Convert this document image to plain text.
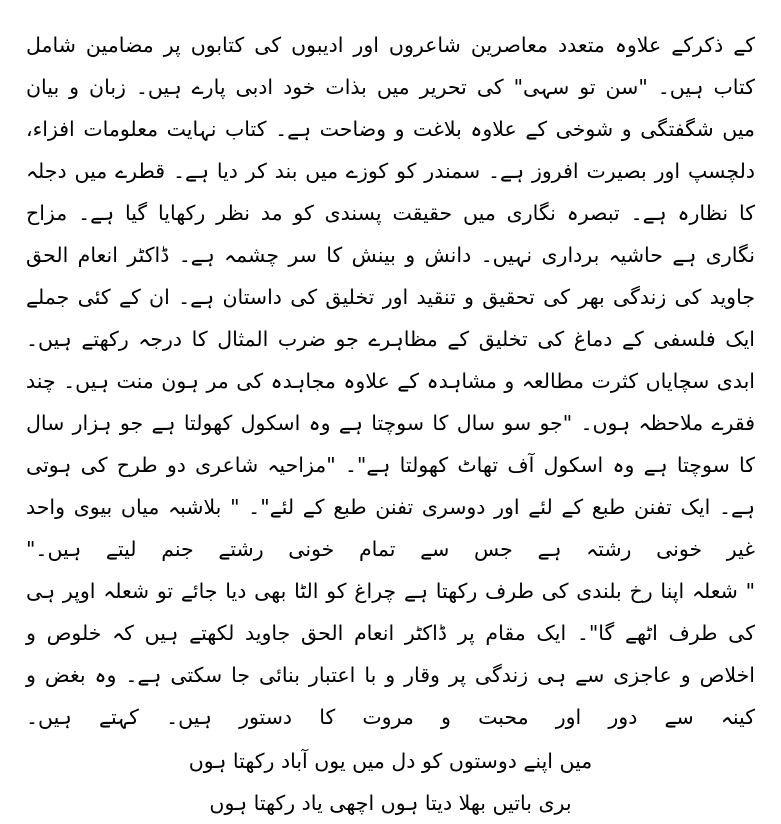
کے ذکرکے علاوہ متعدد معاصرین شاعروں اور ادیبوں کی کتابوں پر مضامین شامل کتاب ہیں۔ "سن تو سہی" کی تحریر میں بذات خود ادبی پارے ہیں۔ زبان و بیان میں شگفتگی و شوخی کے علاوہ بلاغت و وضاحت ہے۔ کتاب نہایت معلومات افزاء، دلچسپ اور بصیرت افروز ہے۔ سمندر کو کوزے میں بند کر دیا ہے۔ قطرے میں دجلہ کا نظارہ ہے۔ تبصرہ نگاری میں حقیقت پسندی کو مد نظر رکھایا گیا ہے۔ مزاح نگاری ہے حاشیہ برداری نہیں۔ دانش و بینش کا سر چشمہ ہے۔ ڈاکٹر انعام الحق جاوید کی زندگی بھر کی تحقیق و تنقید اور تخلیق کی داستان ہے۔ ان کے کئی جملے ایک فلسفی کے دماغ کی تخلیق کے مظاہرے جو ضرب المثال کا درجہ رکھتے ہیں۔ ابدی سچایاں کثرت مطالعہ و مشاہدہ کے علاوہ مجاہدہ کی مر ہون منت ہیں۔ چند فقرے ملاحظہ ہوں۔ "جو سو سال کا سوچتا ہے وہ اسکول کھولتا ہے جو ہزار سال کا سوچتا ہے وہ اسکول آف تھاٹ کھولتا ہے"۔ "مزاحیہ شاعری دو طرح کی ہوتی ہے۔ ایک تفنن طبع کے لئے اور دوسری تفنن طبع کے لئے"۔ " بلاشبہ میاں بیوی واحد غیر خونی رشتہ ہے جس سے تمام خونی رشتے جنم لیتے ہیں۔"

" شعلہ اپنا رخ بلندی کی طرف رکھتا ہے چراغ کو الٹا بھی دیا جائے تو شعلہ اوپر ہی کی طرف اٹھے گا"۔ ایک مقام پر ڈاکٹر انعام الحق جاوید لکھتے ہیں کہ خلوص و اخلاص و عاجزی سے ہی زندگی پر وقار و با اعتبار بنائی جا سکتی ہے۔ وہ بغض و کینہ سے دور اور محبت و مروت کا دستور ہیں۔ کہتے ہیں۔

میں اپنے دوستوں کو دل میں یوں آباد رکھتا ہوں

بری باتیں بھلا دیتا ہوں اچھی یاد رکھتا ہوں
